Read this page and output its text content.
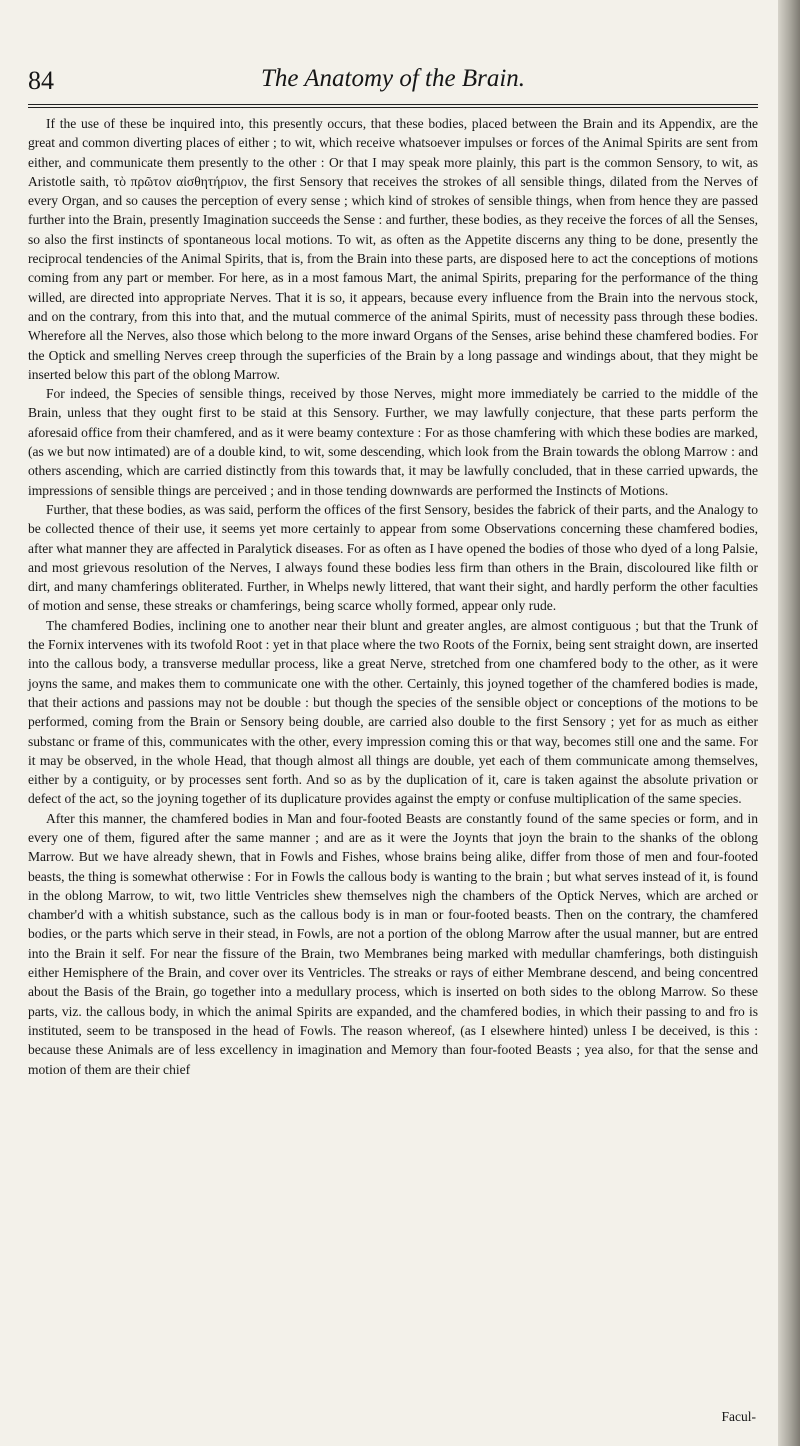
84	The Anatomy of the Brain.

If the use of these be inquired into, this presently occurs, that these bodies, placed between the Brain and its Appendix, are the great and common diverting places of either ; to wit, which receive whatsoever impulses or forces of the Animal Spirits are sent from either, and communicate them presently to the other : Or that I may speak more plainly, this part is the common Sensory, to wit, as Aristotle saith, τὸ πρῶτον αἰσθητήριον, the first Sensory that receives the strokes of all sensible things, dilated from the Nerves of every Organ, and so causes the perception of every sense ; which kind of strokes of sensible things, when from hence they are passed further into the Brain, presently Imagination succeeds the Sense : and further, these bodies, as they receive the forces of all the Senses, so also the first instincts of spontaneous local motions. To wit, as often as the Appetite discerns any thing to be done, presently the reciprocal tendencies of the Animal Spirits, that is, from the Brain into these parts, are disposed here to act the conceptions of motions coming from any part or member. For here, as in a most famous Mart, the animal Spirits, preparing for the performance of the thing willed, are directed into appropriate Nerves. That it is so, it appears, because every influence from the Brain into the nervous stock, and on the contrary, from this into that, and the mutual commerce of the animal Spirits, must of necessity pass through these bodies. Wherefore all the Nerves, also those which belong to the more inward Organs of the Senses, arise behind these chamfered bodies. For the Optick and smelling Nerves creep through the superficies of the Brain by a long passage and windings about, that they might be inserted below this part of the oblong Marrow.

For indeed, the Species of sensible things, received by those Nerves, might more immediately be carried to the middle of the Brain, unless that they ought first to be staid at this Sensory. Further, we may lawfully conjecture, that these parts perform the aforesaid office from their chamfered, and as it were beamy contexture : For as those chamfering with which these bodies are marked, (as we but now intimated) are of a double kind, to wit, some descending, which look from the Brain towards the oblong Marrow : and others ascending, which are carried distinctly from this towards that, it may be lawfully concluded, that in these carried upwards, the impressions of sensible things are perceived ; and in those tending downwards are performed the Instincts of Motions.

Further, that these bodies, as was said, perform the offices of the first Sensory, besides the fabrick of their parts, and the Analogy to be collected thence of their use, it seems yet more certainly to appear from some Observations concerning these chamfered bodies, after what manner they are affected in Paralytick diseases. For as often as I have opened the bodies of those who dyed of a long Palsie, and most grievous resolution of the Nerves, I always found these bodies less firm than others in the Brain, discoloured like filth or dirt, and many chamferings obliterated. Further, in Whelps newly littered, that want their sight, and hardly perform the other faculties of motion and sense, these streaks or chamferings, being scarce wholly formed, appear only rude.

The chamfered Bodies, inclining one to another near their blunt and greater angles, are almost contiguous ; but that the Trunk of the Fornix intervenes with its twofold Root : yet in that place where the two Roots of the Fornix, being sent straight down, are inserted into the callous body, a transverse medullar process, like a great Nerve, stretched from one chamfered body to the other, as it were joyns the same, and makes them to communicate one with the other. Certainly, this joyned together of the chamfered bodies is made, that their actions and passions may not be double : but though the species of the sensible object or conceptions of the motions to be performed, coming from the Brain or Sensory being double, are carried also double to the first Sensory ; yet for as much as either substanc or frame of this, communicates with the other, every impression coming this or that way, becomes still one and the same. For it may be observed, in the whole Head, that though almost all things are double, yet each of them communicate among themselves, either by a contiguity, or by processes sent forth. And so as by the duplication of it, care is taken against the absolute privation or defect of the act, so the joyning together of its duplicature provides against the empty or confuse multiplication of the same species.

After this manner, the chamfered bodies in Man and four-footed Beasts are constantly found of the same species or form, and in every one of them, figured after the same manner ; and are as it were the Joynts that joyn the brain to the shanks of the oblong Marrow. But we have already shewn, that in Fowls and Fishes, whose brains being alike, differ from those of men and four-footed beasts, the thing is somewhat otherwise : For in Fowls the callous body is wanting to the brain ; but what serves instead of it, is found in the oblong Marrow, to wit, two little Ventricles shew themselves nigh the chambers of the Optick Nerves, which are arched or chamber'd with a whitish substance, such as the callous body is in man or four-footed beasts. Then on the contrary, the chamfered bodies, or the parts which serve in their stead, in Fowls, are not a portion of the oblong Marrow after the usual manner, but are entred into the Brain it self. For near the fissure of the Brain, two Membranes being marked with medullar chamferings, both distinguish either Hemisphere of the Brain, and cover over its Ventricles. The streaks or rays of either Membrane descend, and being concentred about the Basis of the Brain, go together into a medullary process, which is inserted on both sides to the oblong Marrow. So these parts, viz. the callous body, in which the animal Spirits are expanded, and the chamfered bodies, in which their passing to and fro is instituted, seem to be transposed in the head of Fowls. The reason whereof, (as I elsewhere hinted) unless I be deceived, is this : because these Animals are of less excellency in imagination and Memory than four-footed Beasts ; yea also, for that the sense and motion of them are their chief

Facul-
